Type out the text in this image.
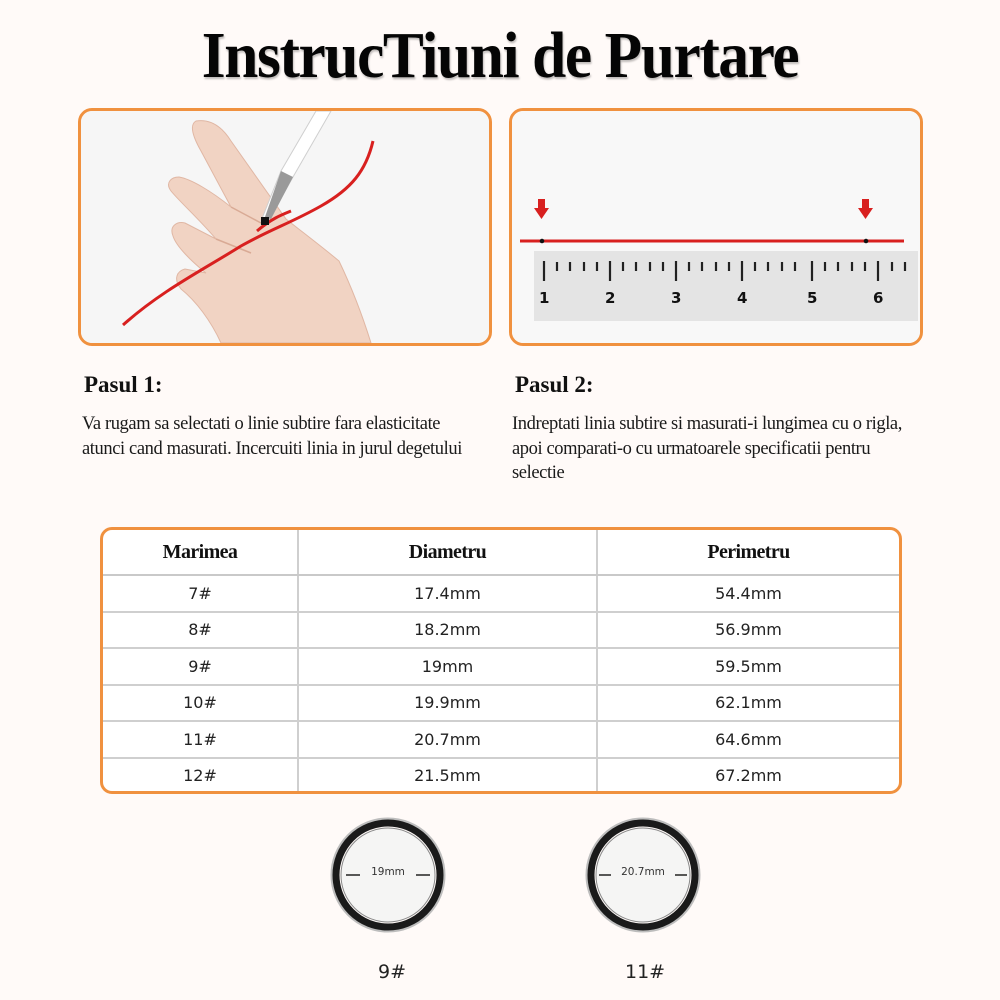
InstrucTiuni de Purtare
1	2	3	4	5	6
Pasul 1:
Va rugam sa selectati o linie subtire fara elasticitate atunci cand masurati. Incercuiti linia in jurul degetului
Pasul 2:
Indreptati linia subtire si masurati-i lungimea cu o rigla, apoi comparati-o cu urmatoarele specificatii pentru selectie
Marimea	Diametru	Perimetru
7#	17.4mm	54.4mm
8#	18.2mm	56.9mm
9#	19mm	59.5mm
10#	19.9mm	62.1mm
11#	20.7mm	64.6mm
12#	21.5mm	67.2mm
19mm
9#
20.7mm
11#
